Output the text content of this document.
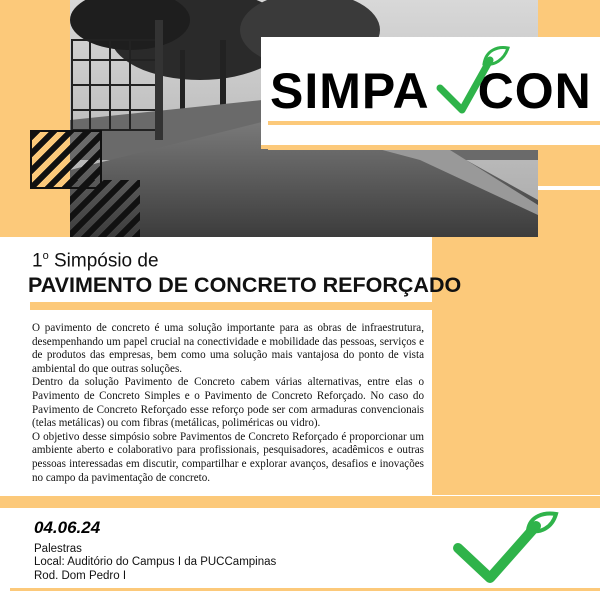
SIMPA CON
1$^o$ Simpósio de
PAVIMENTO DE CONCRETO REFORÇADO

O pavimento de concreto é uma solução importante para as obras de infraestrutura, desempenhando um papel crucial na conectividade e mobilidade das pessoas, serviços e de produtos das empresas, bem como uma solução mais vantajosa do ponto de vista ambiental do que outras soluções.

Dentro da solução Pavimento de Concreto cabem várias alternativas, entre elas o Pavimento de Concreto Simples e o Pavimento de Concreto Reforçado. No caso do Pavimento de Concreto Reforçado esse reforço pode ser com armaduras convencionais (telas metálicas) ou com fibras (metálicas, poliméricas ou vidro).

O objetivo desse simpósio sobre Pavimentos de Concreto Reforçado é proporcionar um ambiente aberto e colaborativo para profissionais, pesquisadores, acadêmicos e outras pessoas interessadas em discutir, compartilhar e explorar avanços, desafios e inovações no campo da pavimentação de concreto.

04.06.24
Palestras
Local: Auditório do Campus I da PUCCampinas
Rod. Dom Pedro I
